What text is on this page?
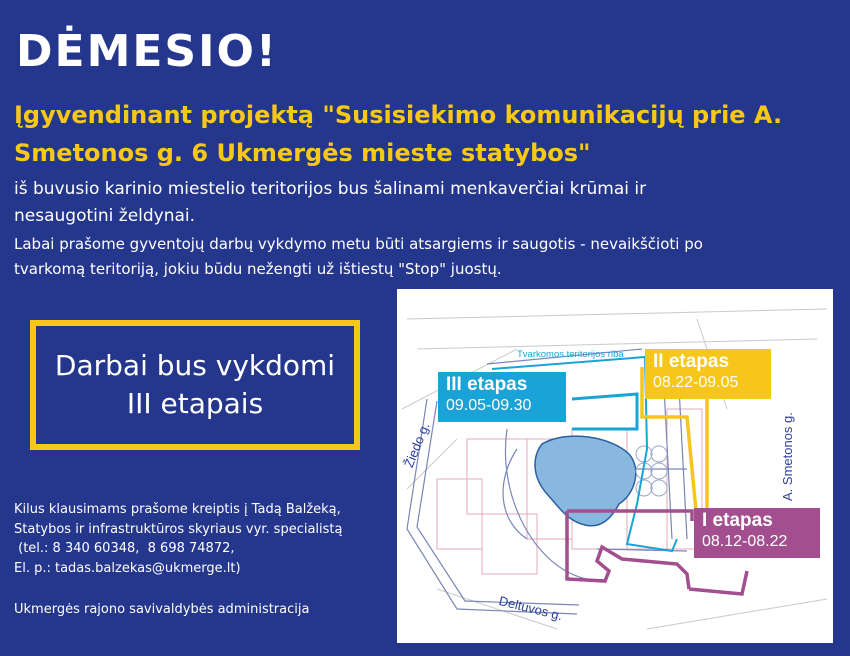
DĖMESIO!
Įgyvendinant projektą "Susisiekimo komunikacijų prie A.
Smetonos g. 6 Ukmergės mieste statybos"
iš buvusio karinio miestelio teritorijos bus šalinami menkaverčiai krūmai ir
nesaugotini želdynai.
Labai prašome gyventojų darbų vykdymo metu būti atsargiems ir saugotis - nevaikščioti po
tvarkomą teritoriją, jokiu būdu nežengti už ištiestų "Stop" juostų.
Darbai bus vykdomi III etapais
Kilus klausimams prašome kreiptis į Tadą Balžeką,
Statybos ir infrastruktūros skyriaus vyr. specialistą
(tel.: 8 340 60348,  8 698 74872,
El. p.: tadas.balzekas@ukmerge.lt)
Ukmergės rajono savivaldybės administracija
Tvarkomos teritorijos riba
Žiedo g.	A. Smetonos g.
Deltuvos g.
III etapas
09.05-09.30
II etapas
08.22-09.05
I etapas
08.12-08.22
